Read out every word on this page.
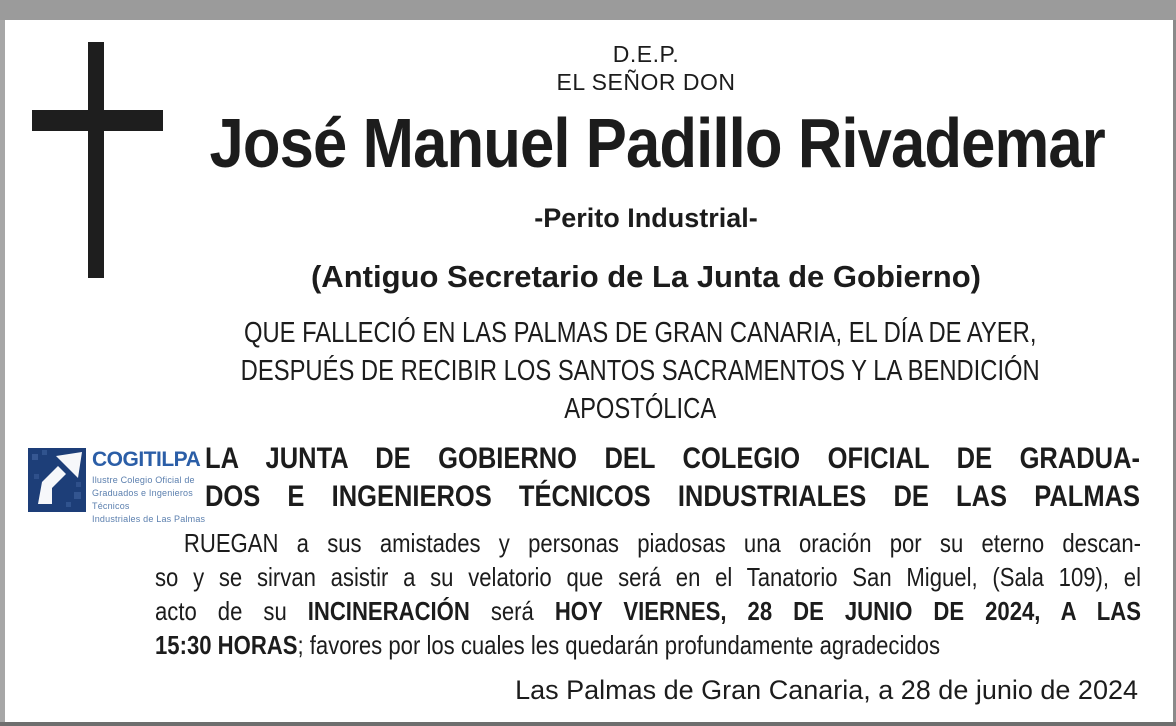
D.E.P.
EL SEÑOR DON
José Manuel Padillo Rivademar
-Perito Industrial-
(Antiguo Secretario de La Junta de Gobierno)
QUE FALLECIÓ EN LAS PALMAS DE GRAN CANARIA, EL DÍA DE AYER,
DESPUÉS DE RECIBIR LOS SANTOS SACRAMENTOS Y LA BENDICIÓN
APOSTÓLICA
COGITILPA
Ilustre Colegio Oficial de
Graduados e Ingenieros Técnicos
Industriales de Las Palmas
LA JUNTA DE GOBIERNO DEL COLEGIO OFICIAL DE GRADUA-
DOS E INGENIEROS TÉCNICOS INDUSTRIALES DE LAS PALMAS
RUEGAN a sus amistades y personas piadosas una oración por su eterno descan-
so y se sirvan asistir a su velatorio que será en el Tanatorio San Miguel, (Sala 109), el
acto de su INCINERACIÓN será HOY VIERNES, 28 DE JUNIO DE 2024, A LAS
15:30 HORAS; favores por los cuales les quedarán profundamente agradecidos
Las Palmas de Gran Canaria, a 28 de junio de 2024
